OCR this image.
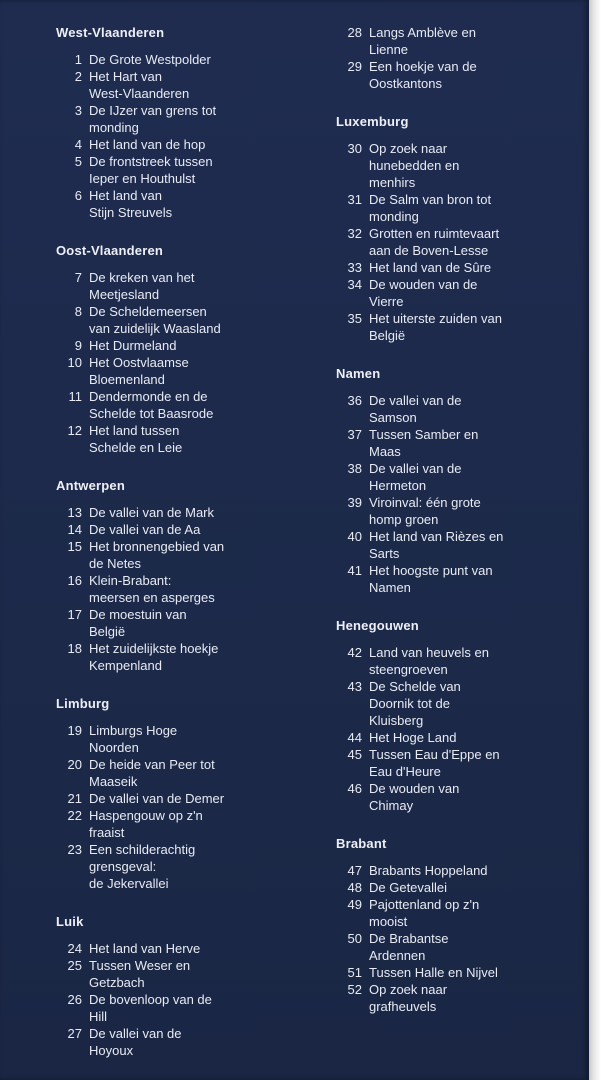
West-Vlaanderen
1 De Grote Westpolder
2 Het Hart van
West-Vlaanderen
3 De IJzer van grens tot
monding
4 Het land van de hop
5 De frontstreek tussen
Ieper en Houthulst
6 Het land van
Stijn Streuvels
Oost-Vlaanderen
7 De kreken van het
Meetjesland
8 De Scheldemeersen
van zuidelijk Waasland
9 Het Durmeland
10 Het Oostvlaamse
Bloemenland
11 Dendermonde en de
Schelde tot Baasrode
12 Het land tussen
Schelde en Leie
Antwerpen
13 De vallei van de Mark
14 De vallei van de Aa
15 Het bronnengebied van
de Netes
16 Klein-Brabant:
meersen en asperges
17 De moestuin van
België
18 Het zuidelijkste hoekje
Kempenland
Limburg
19 Limburgs Hoge
Noorden
20 De heide van Peer tot
Maaseik
21 De vallei van de Demer
22 Haspengouw op z'n
fraaist
23 Een schilderachtig
grensgeval:
de Jekervallei
Luik
24 Het land van Herve
25 Tussen Weser en
Getzbach
26 De bovenloop van de
Hill
27 De vallei van de
Hoyoux
28 Langs Amblève en
Lienne
29 Een hoekje van de
Oostkantons
Luxemburg
30 Op zoek naar
hunebedden en
menhirs
31 De Salm van bron tot
monding
32 Grotten en ruimtevaart
aan de Boven-Lesse
33 Het land van de Sûre
34 De wouden van de
Vierre
35 Het uiterste zuiden van
België
Namen
36 De vallei van de
Samson
37 Tussen Samber en
Maas
38 De vallei van de
Hermeton
39 Viroinval: één grote
homp groen
40 Het land van Rièzes en
Sarts
41 Het hoogste punt van
Namen
Henegouwen
42 Land van heuvels en
steengroeven
43 De Schelde van
Doornik tot de
Kluisberg
44 Het Hoge Land
45 Tussen Eau d'Eppe en
Eau d'Heure
46 De wouden van
Chimay
Brabant
47 Brabants Hoppeland
48 De Getevallei
49 Pajottenland op z'n
mooist
50 De Brabantse
Ardennen
51 Tussen Halle en Nijvel
52 Op zoek naar
grafheuvels
